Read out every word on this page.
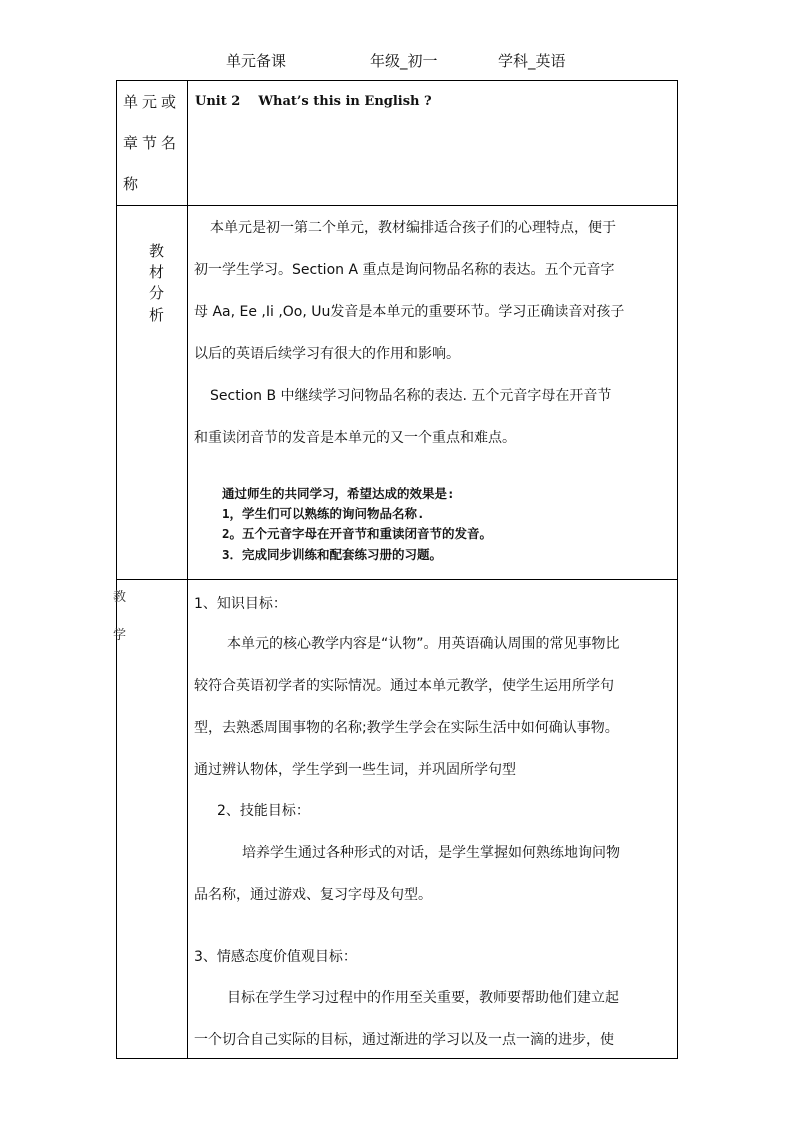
单元备课	年级_初一	学科_英语
单元或
章节名
称
Unit 2    What’s this in English ?
教
材
分
析
本单元是初一第二个单元，教材编排适合孩子们的心理特点，便于
初一学生学习。Section A 重点是询问物品名称的表达。五个元音字
母 Aa, Ee ,Ii ,Oo, Uu发音是本单元的重要环节。学习正确读音对孩子
以后的英语后续学习有很大的作用和影响。
Section B 中继续学习问物品名称的表达. 五个元音字母在开音节
和重读闭音节的发音是本单元的又一个重点和难点。
通过师生的共同学习，希望达成的效果是:
1，学生们可以熟练的询问物品名称.
2。五个元音字母在开音节和重读闭音节的发音。
3．完成同步训练和配套练习册的习题。
教
学
1、知识目标：
本单元的核心教学内容是“认物”。用英语确认周围的常见事物比
较符合英语初学者的实际情况。通过本单元教学，使学生运用所学句
型，去熟悉周围事物的名称;教学生学会在实际生活中如何确认事物。
通过辨认物体，学生学到一些生词，并巩固所学句型
2、技能目标：
培养学生通过各种形式的对话，是学生掌握如何熟练地询问物
品名称，通过游戏、复习字母及句型。
3、情感态度价值观目标：
目标在学生学习过程中的作用至关重要，教师要帮助他们建立起
一个切合自己实际的目标，通过渐进的学习以及一点一滴的进步，使
